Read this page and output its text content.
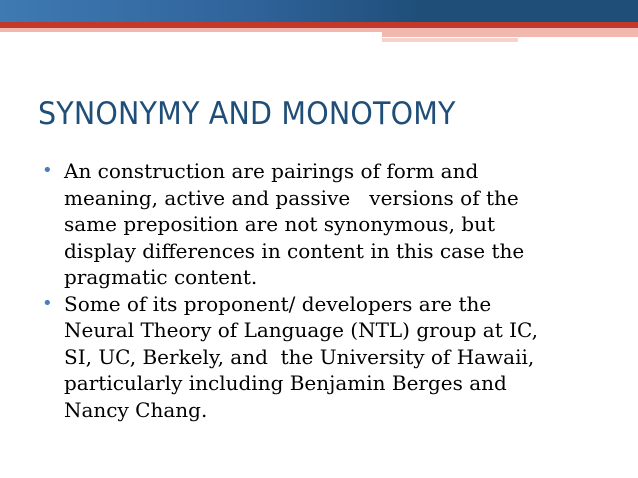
SYNONYMY AND MONOTOMY
• An construction are pairings of form and
meaning, active and passive   versions of the
same preposition are not synonymous, but
display differences in content in this case the
pragmatic content.
• Some of its proponent/ developers are the
Neural Theory of Language (NTL) group at IC,
SI, UC, Berkely, and  the University of Hawaii,
particularly including Benjamin Berges and
Nancy Chang.
